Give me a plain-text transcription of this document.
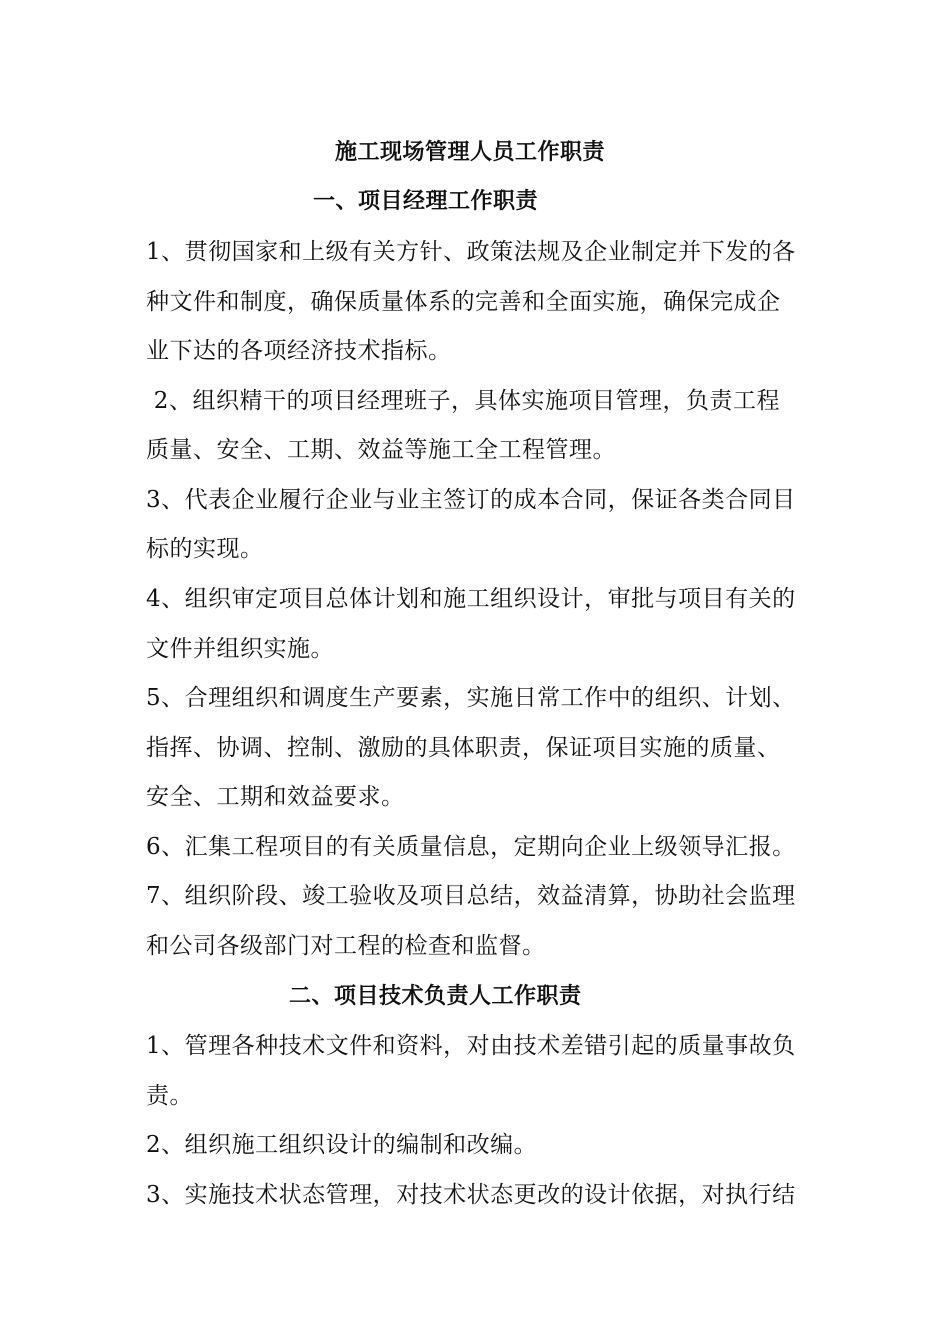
施工现场管理人员工作职责
一、项目经理工作职责
1、贯彻国家和上级有关方针、政策法规及企业制定并下发的各
种文件和制度，确保质量体系的完善和全面实施，确保完成企
业下达的各项经济技术指标。
2、组织精干的项目经理班子，具体实施项目管理，负责工程
质量、安全、工期、效益等施工全工程管理。
3、代表企业履行企业与业主签订的成本合同，保证各类合同目
标的实现。
4、组织审定项目总体计划和施工组织设计，审批与项目有关的
文件并组织实施。
5、合理组织和调度生产要素，实施日常工作中的组织、计划、
指挥、协调、控制、激励的具体职责，保证项目实施的质量、
安全、工期和效益要求。
6、汇集工程项目的有关质量信息，定期向企业上级领导汇报。
7、组织阶段、竣工验收及项目总结，效益清算，协助社会监理
和公司各级部门对工程的检查和监督。
二、项目技术负责人工作职责
1、管理各种技术文件和资料，对由技术差错引起的质量事故负
责。
2、组织施工组织设计的编制和改编。
3、实施技术状态管理，对技术状态更改的设计依据，对执行结
